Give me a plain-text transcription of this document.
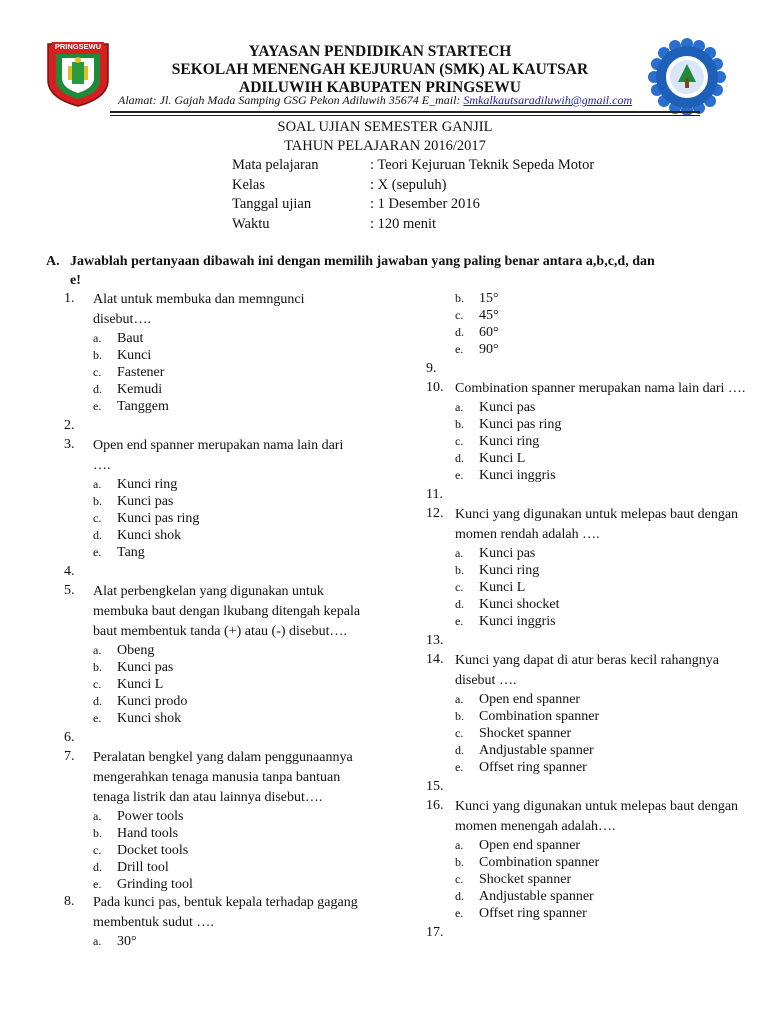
PRINGSEWU	YAYASAN PENDIDIKAN STARTECH
SEKOLAH MENENGAH KEJURUAN (SMK) AL KAUTSAR
ADILUWIH KABUPATEN PRINGSEWU
Alamat: Jl. Gajah Mada Samping GSG Pekon Adiluwih 35674 E_mail: Smkalkautsaradiluwih@gmail.com
SOAL UJIAN SEMESTER GANJIL
TAHUN PELAJARAN 2016/2017
Mata pelajaran	: Teori Kejuruan Teknik Sepeda Motor
Kelas	: X (sepuluh)
Tanggal ujian	: 1 Desember 2016
Waktu	: 120 menit
A. Jawablah pertanyaan dibawah ini dengan memilih jawaban yang paling benar antara a,b,c,d, dan
e!
1.	Alat untuk membuka dan memngunci disebut….
a.	Baut
b.	Kunci
c.	Fastener
d.	Kemudi
e.	Tanggem
2.
3.	Open end spanner merupakan nama lain dari ….
a.	Kunci ring
b.	Kunci pas
c.	Kunci pas ring
d.	Kunci shok
e.	Tang
4.
5.	Alat perbengkelan yang digunakan untuk membuka baut dengan lkubang ditengah kepala baut membentuk tanda (+) atau (-) disebut….
a.	Obeng
b.	Kunci pas
c.	Kunci L
d.	Kunci prodo
e.	Kunci shok
6.
7.	Peralatan bengkel yang dalam penggunaannya mengerahkan tenaga manusia tanpa bantuan tenaga listrik dan atau lainnya disebut….
a.	Power tools
b.	Hand tools
c.	Docket tools
d.	Drill tool
e.	Grinding tool
8.	Pada kunci pas, bentuk kepala terhadap gagang membentuk sudut ….
a.	30°
b.	15°
c.	45°
d.	60°
e.	90°
9.
10. Combination spanner merupakan nama lain dari ….
a.	Kunci pas
b.	Kunci pas ring
c.	Kunci ring
d.	Kunci L
e.	Kunci inggris
11.
12. Kunci yang digunakan untuk melepas baut dengan momen rendah adalah ….
a.	Kunci pas
b.	Kunci ring
c.	Kunci L
d.	Kunci shocket
e.	Kunci inggris
13.
14. Kunci yang dapat di atur beras kecil rahangnya disebut ….
a.	Open end spanner
b.	Combination spanner
c.	Shocket spanner
d.	Andjustable spanner
e.	Offset ring spanner
15.
16. Kunci yang digunakan untuk melepas baut dengan momen menengah adalah….
a.	Open end spanner
b.	Combination spanner
c.	Shocket spanner
d.	Andjustable spanner
e.	Offset ring spanner
17.
